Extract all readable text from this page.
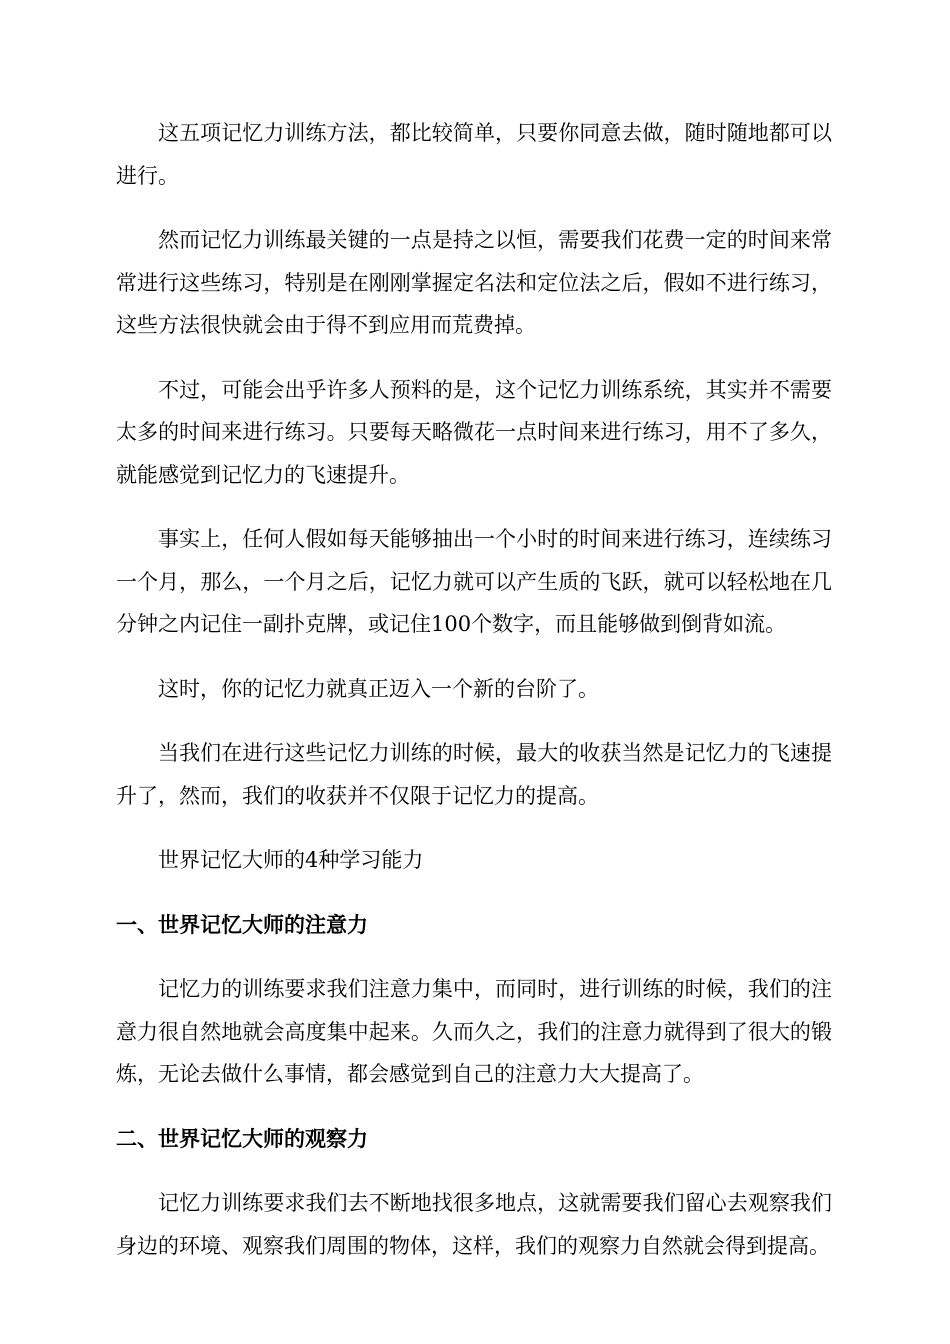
这五项记忆力训练方法，都比较简单，只要你同意去做，随时随地都可以进行。

然而记忆力训练最关键的一点是持之以恒，需要我们花费一定的时间来常常进行这些练习，特别是在刚刚掌握定名法和定位法之后，假如不进行练习，这些方法很快就会由于得不到应用而荒费掉。

不过，可能会出乎许多人预料的是，这个记忆力训练系统，其实并不需要太多的时间来进行练习。只要每天略微花一点时间来进行练习，用不了多久，就能感觉到记忆力的飞速提升。

事实上，任何人假如每天能够抽出一个小时的时间来进行练习，连续练习一个月，那么，一个月之后，记忆力就可以产生质的飞跃，就可以轻松地在几分钟之内记住一副扑克牌，或记住100个数字，而且能够做到倒背如流。

这时，你的记忆力就真正迈入一个新的台阶了。

当我们在进行这些记忆力训练的时候，最大的收获当然是记忆力的飞速提升了，然而，我们的收获并不仅限于记忆力的提高。

世界记忆大师的4种学习能力

一、世界记忆大师的注意力

记忆力的训练要求我们注意力集中，而同时，进行训练的时候，我们的注意力很自然地就会高度集中起来。久而久之，我们的注意力就得到了很大的锻炼，无论去做什么事情，都会感觉到自己的注意力大大提高了。

二、世界记忆大师的观察力

记忆力训练要求我们去不断地找很多地点，这就需要我们留心去观察我们身边的环境、观察我们周围的物体，这样，我们的观察力自然就会得到提高。
